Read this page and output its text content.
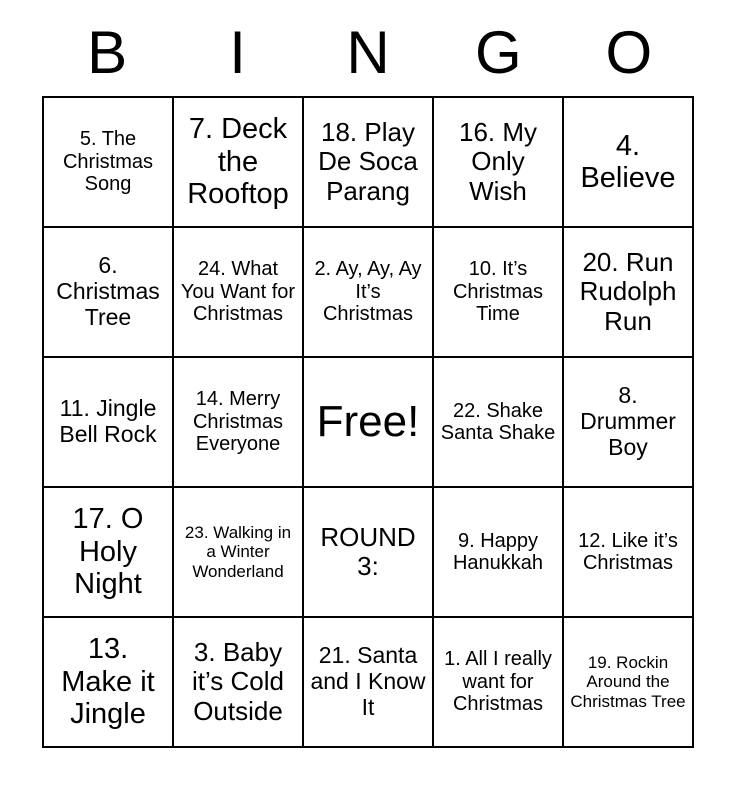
B I N G O
5. The Christmas Song	7. Deck the Rooftop	18. Play De Soca Parang	16. My Only Wish	4. Believe

6. Christmas Tree	24. What You Want for Christmas	2. Ay, Ay, Ay It’s Christmas	10. It’s Christmas Time	20. Run Rudolph Run

11. Jingle Bell Rock	14. Merry Christmas Everyone	Free!	22. Shake Santa Shake	8. Drummer Boy

17. O Holy Night	23. Walking in a Winter Wonderland	ROUND 3:	9. Happy Hanukkah	12. Like it’s Christmas

13. Make it Jingle	3. Baby it’s Cold Outside	21. Santa and I Know It	1. All I really want for Christmas	19. Rockin Around the Christmas Tree
